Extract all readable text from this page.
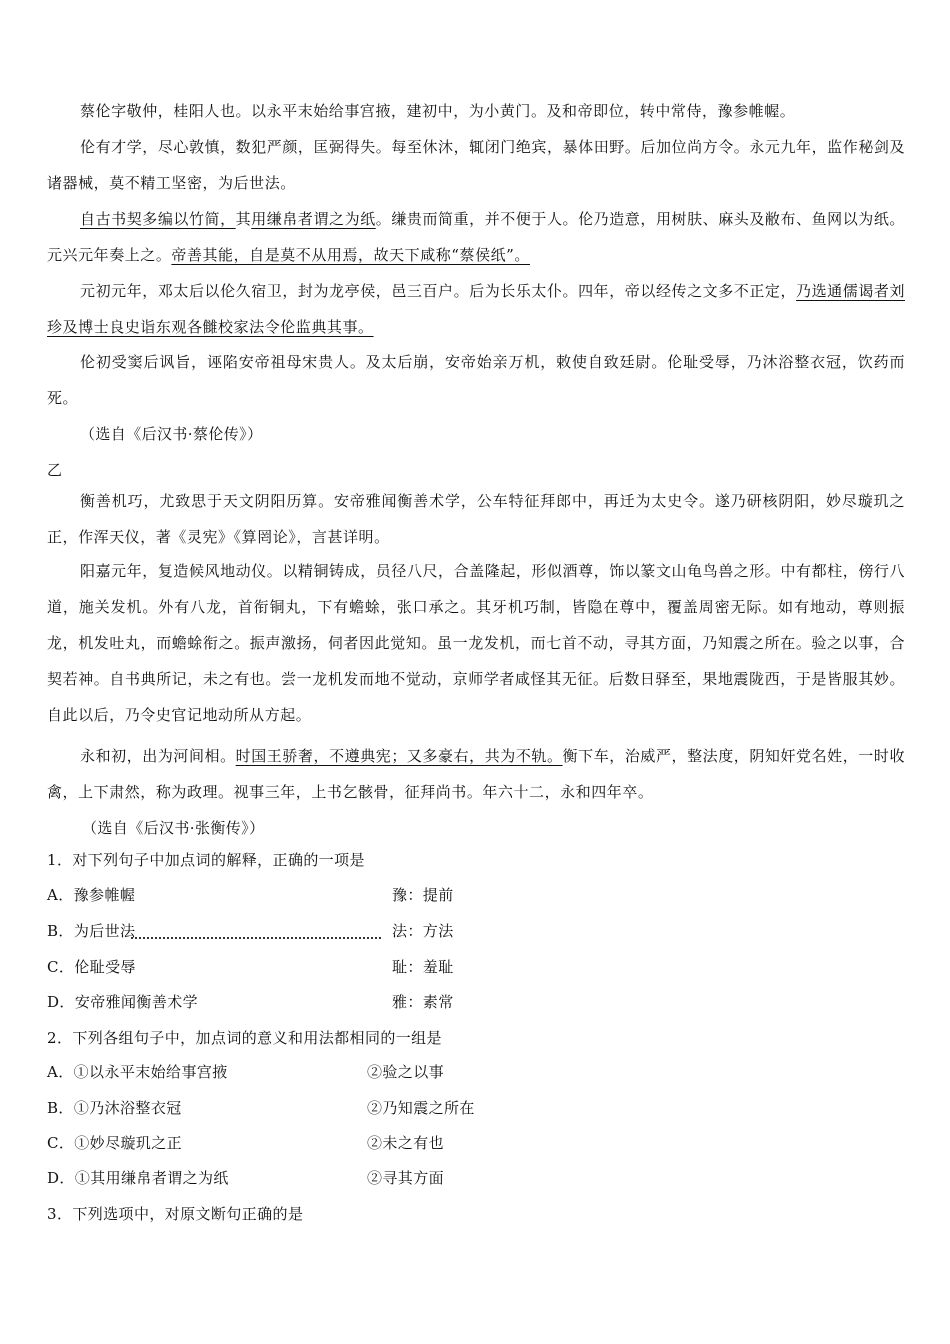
蔡伦字敬仲，桂阳人也。以永平末始给事宫掖，建初中，为小黄门。及和帝即位，转中常侍，豫参帷幄。
伦有才学，尽心敦慎，数犯严颜，匡弼得失。每至休沐，辄闭门绝宾，暴体田野。后加位尚方令。永元九年，监作秘剑及诸器械，莫不精工坚密，为后世法。
自古书契多编以竹简，其用缣帛者谓之为纸。缣贵而简重，并不便于人。伦乃造意，用树肤、麻头及敝布、鱼网以为纸。元兴元年奏上之。帝善其能，自是莫不从用焉，故天下咸称“蔡侯纸”。
元初元年，邓太后以伦久宿卫，封为龙亭侯，邑三百户。后为长乐太仆。四年，帝以经传之文多不正定，乃选通儒谒者刘珍及博士良史诣东观各雠校家法令伦监典其事。
伦初受窦后讽旨，诬陷安帝祖母宋贵人。及太后崩，安帝始亲万机，敕使自致廷尉。伦耻受辱，乃沐浴整衣冠，饮药而死。
（选自《后汉书·蔡伦传》）
乙
衡善机巧，尤致思于天文阴阳历算。安帝雅闻衡善术学，公车特征拜郎中，再迁为太史令。遂乃研核阴阳，妙尽璇玑之正，作浑天仪，著《灵宪》《算罔论》，言甚详明。
阳嘉元年，复造候风地动仪。以精铜铸成，员径八尺，合盖隆起，形似酒尊，饰以篆文山龟鸟兽之形。中有都柱，傍行八道，施关发机。外有八龙，首衔铜丸，下有蟾蜍，张口承之。其牙机巧制，皆隐在尊中，覆盖周密无际。如有地动，尊则振龙，机发吐丸，而蟾蜍衔之。振声激扬，伺者因此觉知。虽一龙发机，而七首不动，寻其方面，乃知震之所在。验之以事，合契若神。自书典所记，未之有也。尝一龙机发而地不觉动，京师学者咸怪其无征。后数日驿至，果地震陇西，于是皆服其妙。自此以后，乃令史官记地动所从方起。
永和初，出为河间相。时国王骄奢，不遵典宪；又多豪右，共为不轨。衡下车，治威严，整法度，阴知奸党名姓，一时收禽，上下肃然，称为政理。视事三年，上书乞骸骨，征拜尚书。年六十二，永和四年卒。
（选自《后汉书·张衡传》）
1．对下列句子中加点词的解释，正确的一项是
A．豫参帷幄	豫：提前
B．为后世法	法：方法
C．伦耻受辱	耻：羞耻
D．安帝雅闻衡善术学	雅：素常
2．下列各组句子中，加点词的意义和用法都相同的一组是
A．①以永平末始给事宫掖	②验之以事
B．①乃沐浴整衣冠	②乃知震之所在
C．①妙尽璇玑之正	②未之有也
D．①其用缣帛者谓之为纸	②寻其方面
3．下列选项中，对原文断句正确的是
